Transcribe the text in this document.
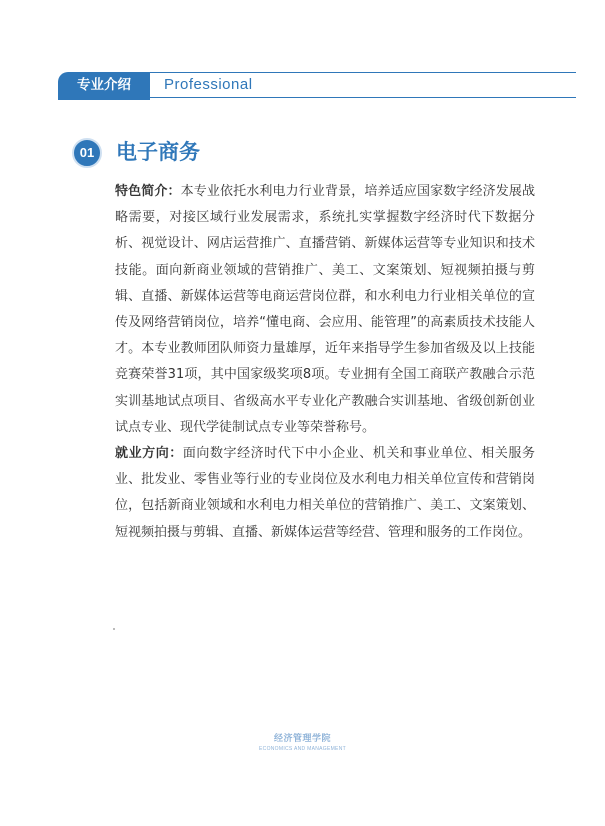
专业介绍	Professional
01	电子商务

特色简介：本专业依托水利电力行业背景，培养适应国家数字经济发展战略需要，对接区域行业发展需求，系统扎实掌握数字经济时代下数据分析、视觉设计、网店运营推广、直播营销、新媒体运营等专业知识和技术技能。面向新商业领域的营销推广、美工、文案策划、短视频拍摄与剪辑、直播、新媒体运营等电商运营岗位群，和水利电力行业相关单位的宣传及网络营销岗位，培养“懂电商、会应用、能管理”的高素质技术技能人才。本专业教师团队师资力量雄厚，近年来指导学生参加省级及以上技能竞赛荣誉31项，其中国家级奖项8项。专业拥有全国工商联产教融合示范实训基地试点项目、省级高水平专业化产教融合实训基地、省级创新创业试点专业、现代学徒制试点专业等荣誉称号。

就业方向：面向数字经济时代下中小企业、机关和事业单位、相关服务业、批发业、零售业等行业的专业岗位及水利电力相关单位宣传和营销岗位，包括新商业领域和水利电力相关单位的营销推广、美工、文案策划、短视频拍摄与剪辑、直播、新媒体运营等经营、管理和服务的工作岗位。

经济管理学院
ECONOMICS AND MANAGEMENT
